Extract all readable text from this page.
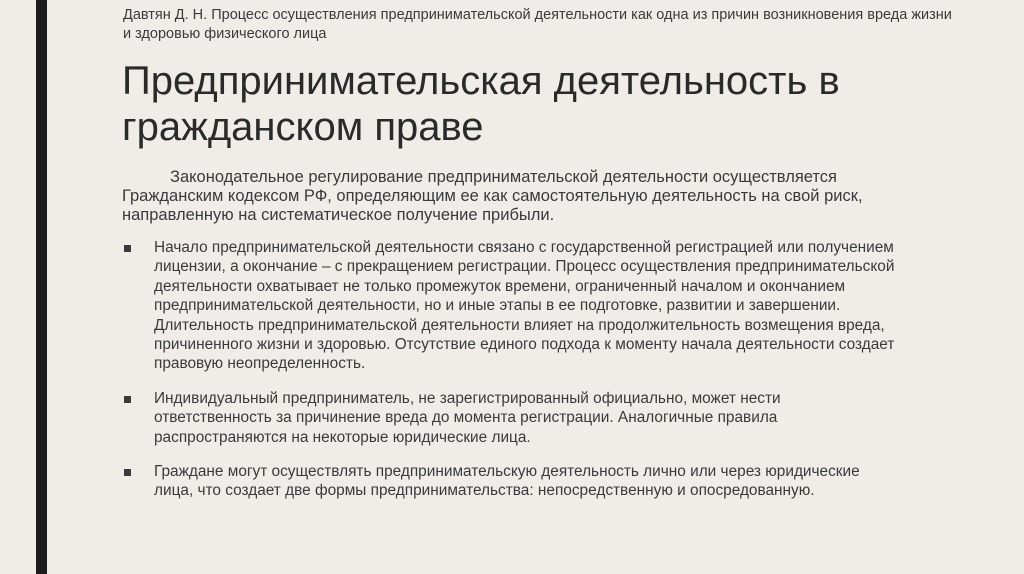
Давтян Д. Н. Процесс осуществления предпринимательской деятельности как одна из причин возникновения вреда жизни и здоровью физического лица
Предпринимательская деятельность в гражданском праве

Законодательное регулирование предпринимательской деятельности осуществляется Гражданским кодексом РФ, определяющим ее как самостоятельную деятельность на свой риск, направленную на систематическое получение прибыли.

Начало предпринимательской деятельности связано с государственной регистрацией или получением лицензии, а окончание – с прекращением регистрации. Процесс осуществления предпринимательской деятельности охватывает не только промежуток времени, ограниченный началом и окончанием предпринимательской деятельности, но и иные этапы в ее подготовке, развитии и завершении. Длительность предпринимательской деятельности влияет на продолжительность возмещения вреда, причиненного жизни и здоровью. Отсутствие единого подхода к моменту начала деятельности создает правовую неопределенность.
Индивидуальный предприниматель, не зарегистрированный официально, может нести ответственность за причинение вреда до момента регистрации. Аналогичные правила распространяются на некоторые юридические лица.
Граждане могут осуществлять предпринимательскую деятельность лично или через юридические лица, что создает две формы предпринимательства: непосредственную и опосредованную.
